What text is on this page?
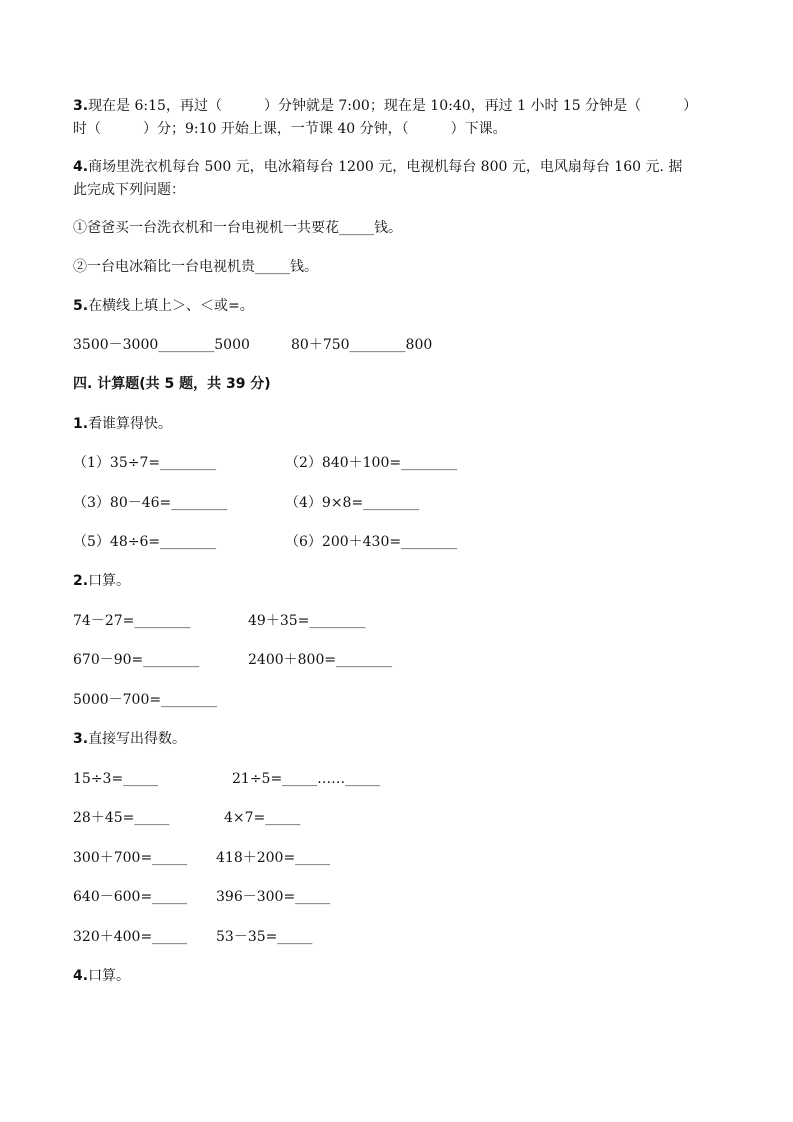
3.现在是 6:15，再过（　　　）分钟就是 7:00；现在是 10:40，再过 1 小时 15 分钟是（　　　）
时（　　　）分；9:10 开始上课，一节课 40 分钟，（　　　）下课。
4.商场里洗衣机每台 500 元，电冰箱每台 1200 元，电视机每台 800 元，电风扇每台 160 元. 据
此完成下列问题：
①爸爸买一台洗衣机和一台电视机一共要花_____钱。
②一台电冰箱比一台电视机贵_____钱。
5.在横线上填上＞、＜或=。
3500－3000________5000	80＋750________800
四. 计算题(共 5 题，共 39 分)
1.看谁算得快。
（1）35÷7=________	（2）840＋100=________
（3）80－46=________	（4）9×8=________
（5）48÷6=________	（6）200＋430=________
2.口算。
74－27=________	49＋35=________
670－90=________	2400＋800=________
5000－700=________
3.直接写出得数。
15÷3=_____	21÷5=_____……_____
28＋45=_____	4×7=_____
300＋700=_____ 418＋200=_____
640－600=_____ 396－300=_____
320＋400=_____ 53－35=_____
4.口算。
